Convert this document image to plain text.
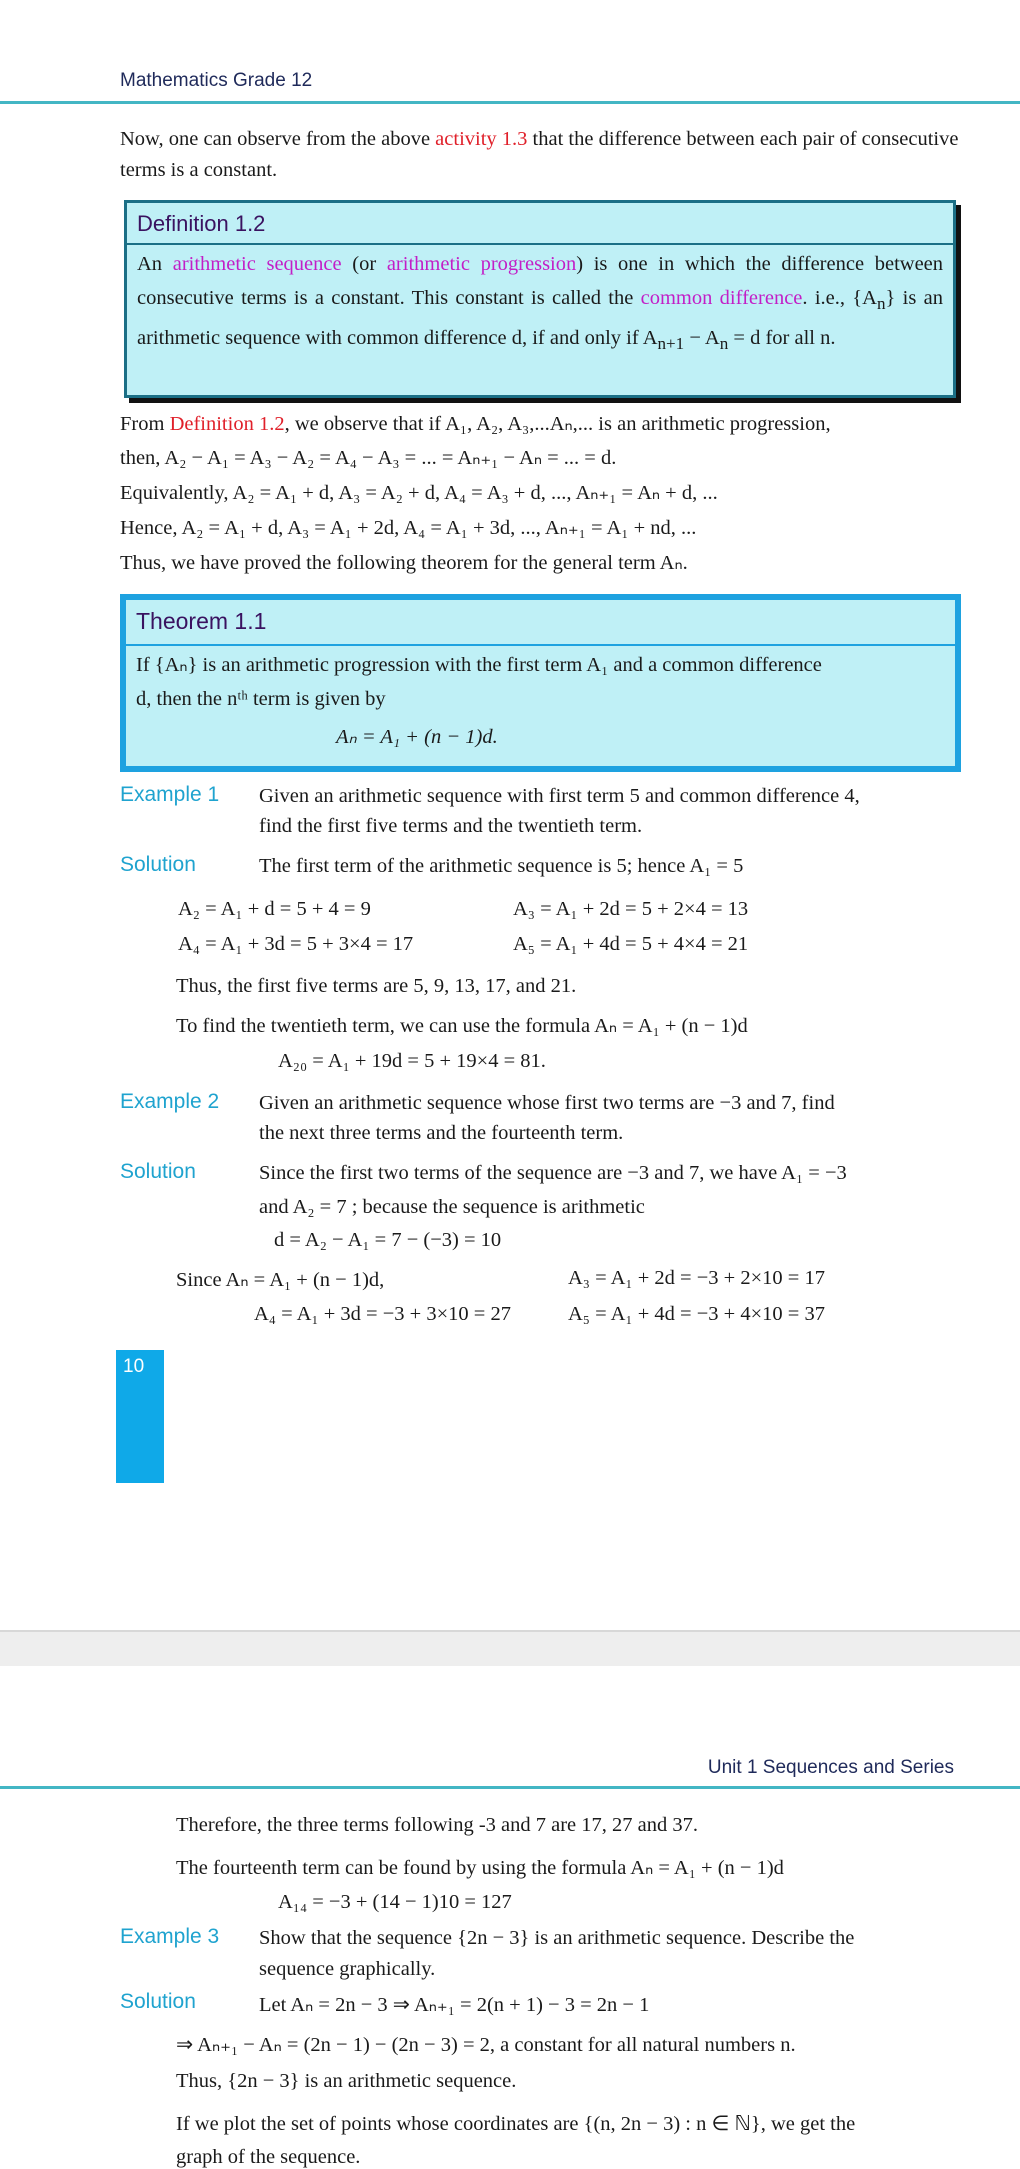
Mathematics Grade 12
Now, one can observe from the above activity 1.3 that the difference between each pair of consecutive terms is a constant.
Definition 1.2
An arithmetic sequence (or arithmetic progression) is one in which the difference between consecutive terms is a constant. This constant is called the common difference. i.e., $\{A_n\}$ is an arithmetic sequence with common difference d, if and only if $A_{n+1} - A_n = d$ for all n.
From Definition 1.2, we observe that if A₁, A₂, A₃,...Aₙ,... is an arithmetic progression,
then, A₂ − A₁ = A₃ − A₂ = A₄ − A₃ = ... = Aₙ₊₁ − Aₙ = ... = d.
Equivalently, A₂ = A₁ + d, A₃ = A₂ + d, A₄ = A₃ + d, ..., Aₙ₊₁ = Aₙ + d, ...
Hence, A₂ = A₁ + d, A₃ = A₁ + 2d, A₄ = A₁ + 3d, ..., Aₙ₊₁ = A₁ + nd, ...
Thus, we have proved the following theorem for the general term Aₙ.
Theorem 1.1
If {Aₙ} is an arithmetic progression with the first term A₁ and a common difference
d, then the nᵗʰ term is given by
Aₙ = A₁ + (n − 1)d.
Example 1 Given an arithmetic sequence with first term 5 and common difference 4,
find the first five terms and the twentieth term.
Solution	The first term of the arithmetic sequence is 5; hence A₁ = 5
A₂ = A₁ + d = 5 + 4 = 9	A₃ = A₁ + 2d = 5 + 2×4 = 13
A₄ = A₁ + 3d = 5 + 3×4 = 17	A₅ = A₁ + 4d = 5 + 4×4 = 21
Thus, the first five terms are 5, 9, 13, 17, and 21.
To find the twentieth term, we can use the formula Aₙ = A₁ + (n − 1)d
A₂₀ = A₁ + 19d = 5 + 19×4 = 81.
Example 2 Given an arithmetic sequence whose first two terms are −3 and 7, find
the next three terms and the fourteenth term.
Solution	Since the first two terms of the sequence are −3 and 7, we have A₁ = −3
and A₂ = 7 ; because the sequence is arithmetic
d = A₂ − A₁ = 7 − (−3) = 10
Since Aₙ = A₁ + (n − 1)d,	A₃ = A₁ + 2d = −3 + 2×10 = 17
A₄ = A₁ + 3d = −3 + 3×10 = 27	A₅ = A₁ + 4d = −3 + 4×10 = 37
10
Unit 1 Sequences and Series
Therefore, the three terms following -3 and 7 are 17, 27 and 37.
The fourteenth term can be found by using the formula Aₙ = A₁ + (n − 1)d
A₁₄ = −3 + (14 − 1)10 = 127
Example 3 Show that the sequence {2n − 3} is an arithmetic sequence. Describe the
sequence graphically.
Solution	Let Aₙ = 2n − 3 ⇒ Aₙ₊₁ = 2(n + 1) − 3 = 2n − 1
⇒ Aₙ₊₁ − Aₙ = (2n − 1) − (2n − 3) = 2, a constant for all natural numbers n.
Thus, {2n − 3} is an arithmetic sequence.
If we plot the set of points whose coordinates are {(n, 2n − 3) : n ∈ ℕ}, we get the
graph of the sequence.
